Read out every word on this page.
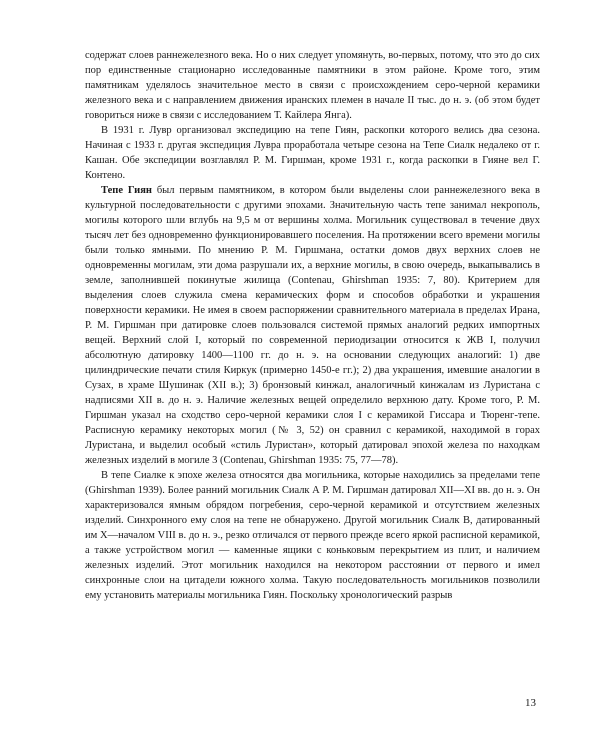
содержат слоев раннежелезного века. Но о них следует упомянуть, во-первых, потому, что это до сих пор единственные стационарно исследованные памятники в этом районе. Кроме того, этим памятникам уделялось значительное место в связи с происхождением серо-черной керамики железного века и с направлением движения иранских племен в начале II тыс. до н. э. (об этом будет говориться ниже в связи с исследованием Т. Кайлера Янга).

В 1931 г. Лувр организовал экспедицию на тепе Гиян, раскопки которого велись два сезона. Начиная с 1933 г. другая экспедиция Лувра проработала четыре сезона на Тепе Сиалк недалеко от г. Кашан. Обе экспедиции возглавлял Р. М. Гиршман, кроме 1931 г., когда раскопки в Гияне вел Г. Контено.

Тепе Гиян был первым памятником, в котором были выделены слои раннежелезного века в культурной последовательности с другими эпохами. Значительную часть тепе занимал некрополь, могилы которого шли вглубь на 9,5 м от вершины холма. Могильник существовал в течение двух тысяч лет без одновременно функционировавшего поселения. На протяжении всего времени могилы были только ямными. По мнению Р. М. Гиршмана, остатки домов двух верхних слоев не одновременны могилам, эти дома разрушали их, а верхние могилы, в свою очередь, выкапывались в земле, заполнившей покинутые жилища (Contenau, Ghirshman 1935: 7, 80). Критерием для выделения слоев служила смена керамических форм и способов обработки и украшения поверхности керамики. Не имея в своем распоряжении сравнительного материала в пределах Ирана, Р. М. Гиршман при датировке слоев пользовался системой прямых аналогий редких импортных вещей. Верхний слой I, который по современной периодизации относится к ЖВ I, получил абсолютную датировку 1400—1100 гг. до н. э. на основании следующих аналогий: 1) две цилиндрические печати стиля Киркук (примерно 1450-е гг.); 2) два украшения, имевшие аналогии в Сузах, в храме Шушинак (XII в.); 3) бронзовый кинжал, аналогичный кинжалам из Луристана с надписями XII в. до н. э. Наличие железных вещей определило верхнюю дату. Кроме того, Р. М. Гиршман указал на сходство серо-черной керамики слоя I с керамикой Гиссара и Тюренг-тепе. Расписную керамику некоторых могил (№ 3, 52) он сравнил с керамикой, находимой в горах Луристана, и выделил особый «стиль Луристан», который датировал эпохой железа по находкам железных изделий в могиле 3 (Contenau, Ghirshman 1935: 75, 77—78).

В тепе Сиалке к эпохе железа относятся два могильника, которые находились за пределами тепе (Ghirshman 1939). Более ранний могильник Сиалк А Р. М. Гиршман датировал XII—XI вв. до н. э. Он характеризовался ямным обрядом погребения, серо-черной керамикой и отсутствием железных изделий. Синхронного ему слоя на тепе не обнаружено. Другой могильник Сиалк В, датированный им X—началом VIII в. до н. э., резко отличался от первого прежде всего яркой расписной керамикой, а также устройством могил — каменные ящики с коньковым перекрытием из плит, и наличием железных изделий. Этот могильник находился на некотором расстоянии от первого и имел синхронные слои на цитадели южного холма. Такую последовательность могильников позволили ему установить материалы могильника Гиян. Поскольку хронологический разрыв

13
